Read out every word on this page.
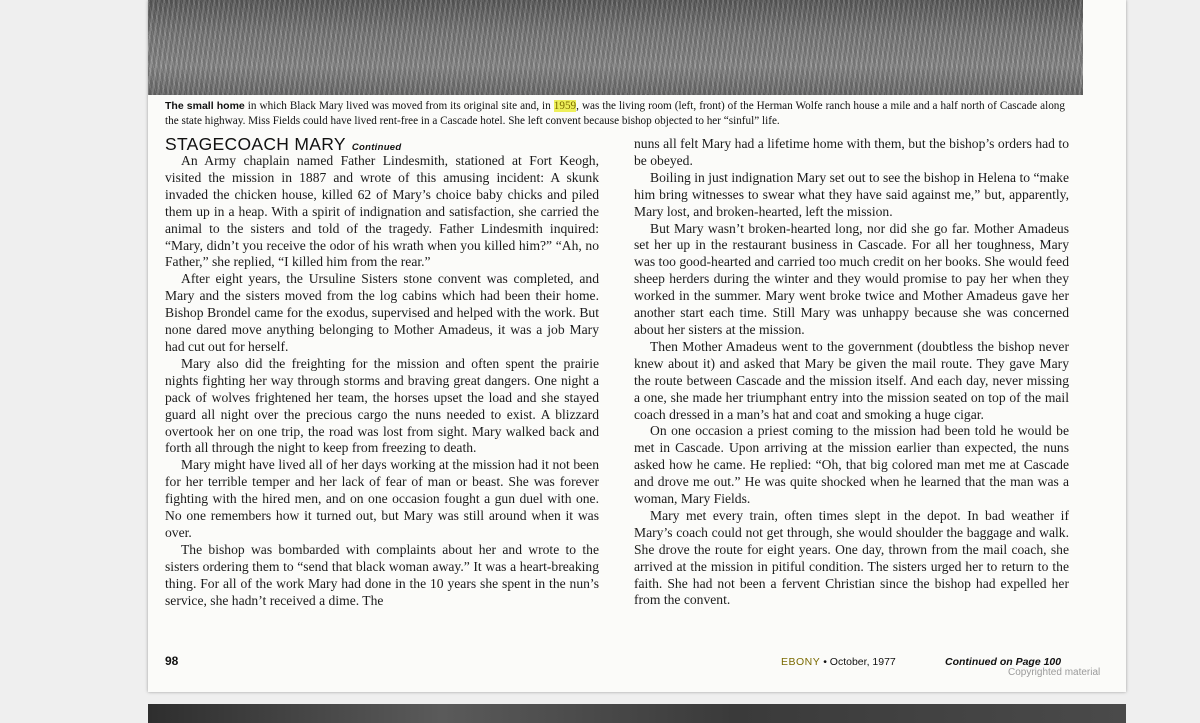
The small home in which Black Mary lived was moved from its original site and, in 1959, was the living room (left, front) of the Herman Wolfe ranch house a mile and a half north of Cascade along the state highway. Miss Fields could have lived rent-free in a Cascade hotel. She left convent because bishop objected to her “sinful” life.
STAGECOACH MARY Continued

An Army chaplain named Father Lindesmith, stationed at Fort Keogh, visited the mission in 1887 and wrote of this amusing incident: A skunk invaded the chicken house, killed 62 of Mary’s choice baby chicks and piled them up in a heap. With a spirit of indignation and satisfaction, she carried the animal to the sisters and told of the tragedy. Father Lindesmith inquired: “Mary, didn’t you receive the odor of his wrath when you killed him?” “Ah, no Father,” she replied, “I killed him from the rear.”

After eight years, the Ursuline Sisters stone convent was completed, and Mary and the sisters moved from the log cabins which had been their home. Bishop Brondel came for the exodus, supervised and helped with the work. But none dared move anything belonging to Mother Amadeus, it was a job Mary had cut out for herself.

Mary also did the freighting for the mission and often spent the prairie nights fighting her way through storms and braving great dangers. One night a pack of wolves frightened her team, the horses upset the load and she stayed guard all night over the precious cargo the nuns needed to exist. A blizzard overtook her on one trip, the road was lost from sight. Mary walked back and forth all through the night to keep from freezing to death.

Mary might have lived all of her days working at the mission had it not been for her terrible temper and her lack of fear of man or beast. She was forever fighting with the hired men, and on one occasion fought a gun duel with one. No one remembers how it turned out, but Mary was still around when it was over.

The bishop was bombarded with complaints about her and wrote to the sisters ordering them to “send that black woman away.” It was a heart-breaking thing. For all of the work Mary had done in the 10 years she spent in the nun’s service, she hadn’t received a dime. The

nuns all felt Mary had a lifetime home with them, but the bishop’s orders had to be obeyed.

Boiling in just indignation Mary set out to see the bishop in Helena to “make him bring witnesses to swear what they have said against me,” but, apparently, Mary lost, and broken-hearted, left the mission.

But Mary wasn’t broken-hearted long, nor did she go far. Mother Amadeus set her up in the restaurant business in Cascade. For all her toughness, Mary was too good-hearted and carried too much credit on her books. She would feed sheep herders during the winter and they would promise to pay her when they worked in the summer. Mary went broke twice and Mother Amadeus gave her another start each time. Still Mary was unhappy because she was concerned about her sisters at the mission.

Then Mother Amadeus went to the government (doubtless the bishop never knew about it) and asked that Mary be given the mail route. They gave Mary the route between Cascade and the mission itself. And each day, never missing a one, she made her triumphant entry into the mission seated on top of the mail coach dressed in a man’s hat and coat and smoking a huge cigar.

On one occasion a priest coming to the mission had been told he would be met in Cascade. Upon arriving at the mission earlier than expected, the nuns asked how he came. He replied: “Oh, that big colored man met me at Cascade and drove me out.” He was quite shocked when he learned that the man was a woman, Mary Fields.

Mary met every train, often times slept in the depot. In bad weather if Mary’s coach could not get through, she would shoulder the baggage and walk. She drove the route for eight years. One day, thrown from the mail coach, she arrived at the mission in pitiful condition. The sisters urged her to return to the faith. She had not been a fervent Christian since the bishop had expelled her from the convent.

98	EBONY • October, 1977	Continued on Page 100
Copyrighted material
